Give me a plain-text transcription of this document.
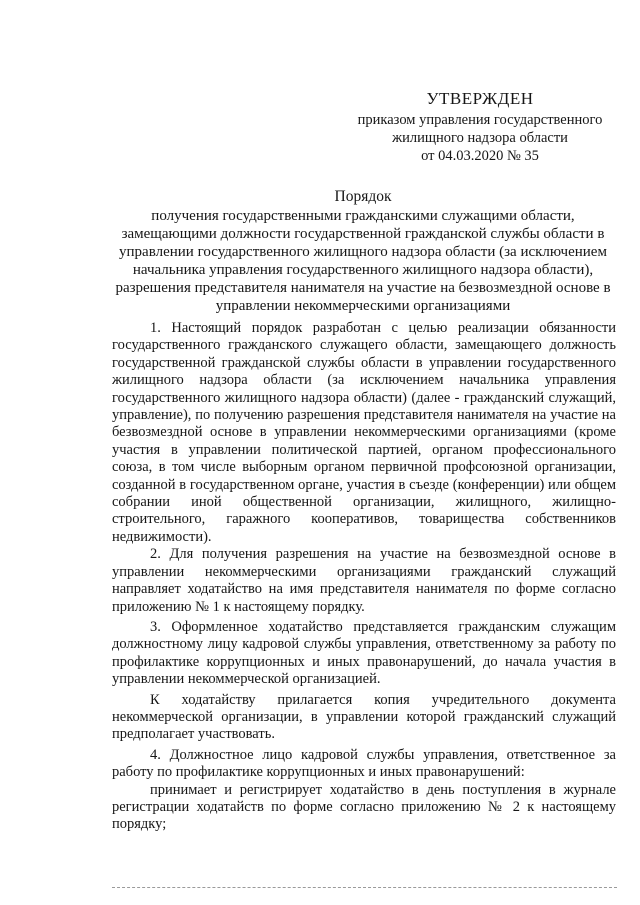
УТВЕРЖДЕН
приказом управления государственного
жилищного надзора области
от 04.03.2020 № 35
Порядок
получения государственными гражданскими служащими области, замещающими должности государственной гражданской службы области в управлении государственного жилищного надзора области (за исключением начальника управления государственного жилищного надзора области), разрешения представителя нанимателя на участие на безвозмездной основе в управлении некоммерческими организациями

1. Настоящий порядок разработан с целью реализации обязанности государственного гражданского служащего области, замещающего должность государственной гражданской службы области в управлении государственного жилищного надзора области (за исключением начальника управления государственного жилищного надзора области) (далее - гражданский служащий, управление), по получению разрешения представителя нанимателя на участие на безвозмездной основе в управлении некоммерческими организациями (кроме участия в управлении политической партией, органом профессионального союза, в том числе выборным органом первичной профсоюзной организации, созданной в государственном органе, участия в съезде (конференции) или общем собрании иной общественной организации, жилищного, жилищно-строительного, гаражного кооперативов, товарищества собственников недвижимости).

2. Для получения разрешения на участие на безвозмездной основе в управлении некоммерческими организациями гражданский служащий направляет ходатайство на имя представителя нанимателя по форме согласно приложению № 1 к настоящему порядку.

3. Оформленное ходатайство представляется гражданским служащим должностному лицу кадровой службы управления, ответственному за работу по профилактике коррупционных и иных правонарушений, до начала участия в управлении некоммерческой организацией.

К ходатайству прилагается копия учредительного документа некоммерческой организации, в управлении которой гражданский служащий предполагает участвовать.

4. Должностное лицо кадровой службы управления, ответственное за работу по профилактике коррупционных и иных правонарушений:

принимает и регистрирует ходатайство в день поступления в журнале регистрации ходатайств по форме согласно приложению № 2 к настоящему порядку;
